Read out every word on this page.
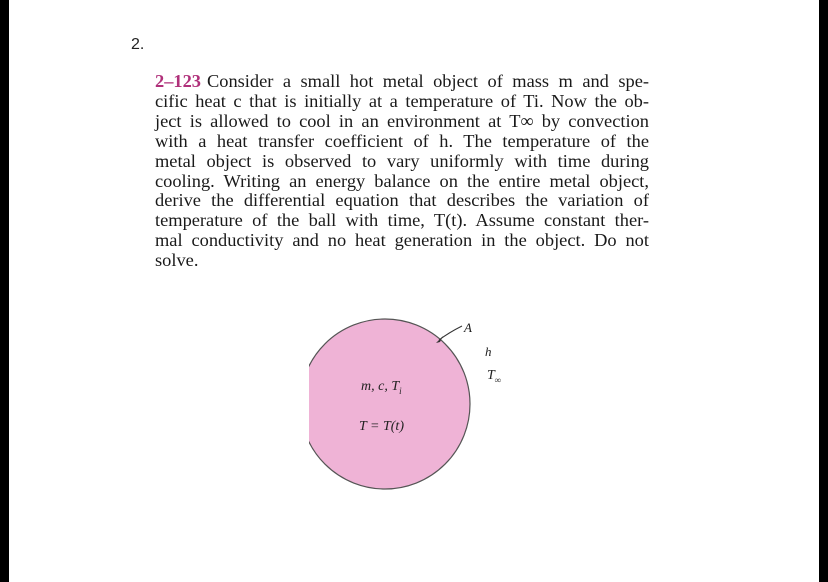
2.
2–123 Consider a small hot metal object of mass m and spe-
cific heat c that is initially at a temperature of Ti. Now the ob-
ject is allowed to cool in an environment at T∞ by convection
with a heat transfer coefficient of h. The temperature of the
metal object is observed to vary uniformly with time during
cooling. Writing an energy balance on the entire metal object,
derive the differential equation that describes the variation of
temperature of the ball with time, T(t). Assume constant ther-
mal conductivity and no heat generation in the object. Do not
solve.
A
h
$T_\infty$
m, c, $T_i$
T = T(t)
